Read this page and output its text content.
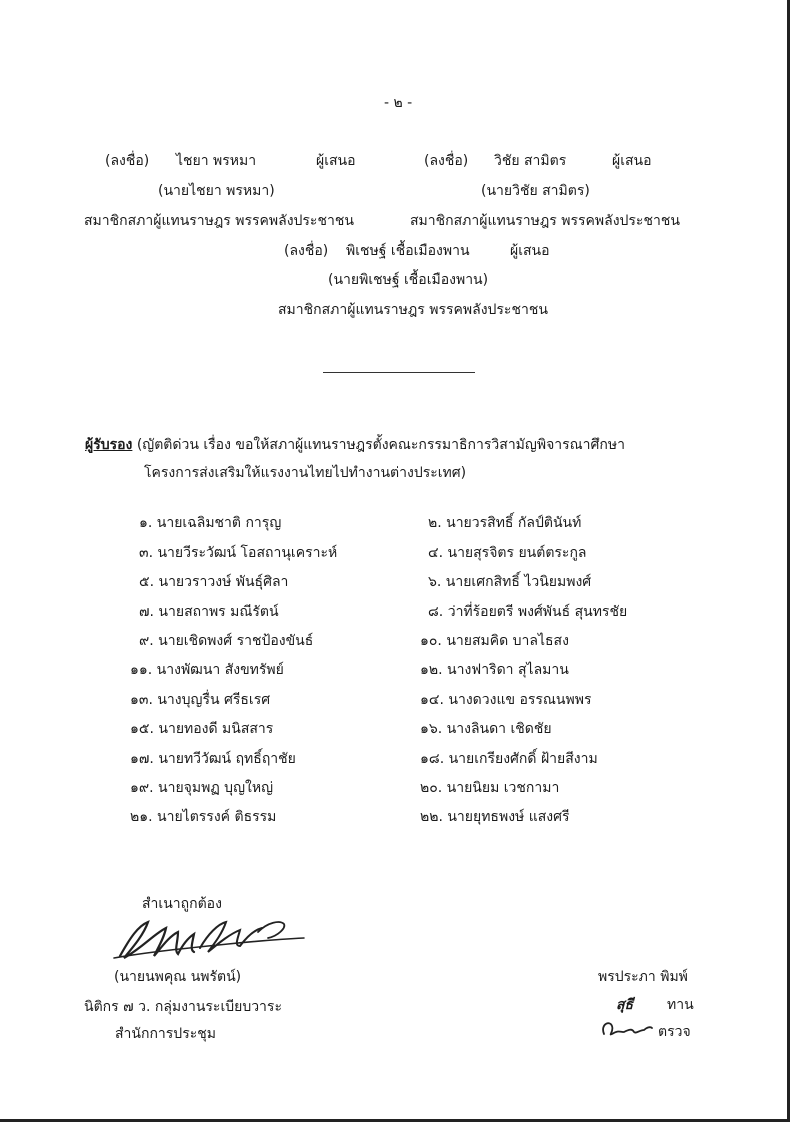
- ๒ -
(ลงชื่อ) ไชยา พรหมา	ผู้เสนอ
(นายไชยา พรหมา)
สมาชิกสภาผู้แทนราษฎร พรรคพลังประชาชน
(ลงชื่อ) วิชัย สามิตร	ผู้เสนอ
(นายวิชัย สามิตร)
สมาชิกสภาผู้แทนราษฎร พรรคพลังประชาชน
(ลงชื่อ) พิเชษฐ์ เชื้อเมืองพาน	ผู้เสนอ
(นายพิเชษฐ์ เชื้อเมืองพาน)
สมาชิกสภาผู้แทนราษฎร พรรคพลังประชาชน
ผู้รับรอง (ญัตติด่วน เรื่อง ขอให้สภาผู้แทนราษฎรตั้งคณะกรรมาธิการวิสามัญพิจารณาศึกษา
โครงการส่งเสริมให้แรงงานไทยไปทำงานต่างประเทศ)
๑. นายเฉลิมชาติ การุญ	๒. นายวรสิทธิ์ กัลป์ตินันท์
๓. นายวีระวัฒน์ โอสถานุเคราะห์	๔. นายสุรจิตร ยนต์ตระกูล
๕. นายวราวงษ์ พันธุ์ศิลา	๖. นายเศกสิทธิ์ ไวนิยมพงศ์
๗. นายสถาพร มณีรัตน์	๘. ว่าที่ร้อยตรี พงศ์พันธ์ สุนทรชัย
๙. นายเชิดพงศ์ ราชป้องขันธ์	๑๐. นายสมคิด บาลไธสง
๑๑. นางพัฒนา สังขทรัพย์	๑๒. นางฟาริดา สุไลมาน
๑๓. นางบุญรื่น ศรีธเรศ	๑๔. นางดวงแข อรรณนพพร
๑๕. นายทองดี มนิสสาร	๑๖. นางลินดา เชิดชัย
๑๗. นายทวีวัฒน์ ฤทธิ์ฤาชัย	๑๘. นายเกรียงศักดิ์ ฝ้ายสีงาม
๑๙. นายจุมพฏ บุญใหญ่	๒๐. นายนิยม เวชกามา
๒๑. นายไตรรงค์ ติธรรม	๒๒. นายยุทธพงษ์ แสงศรี
สำเนาถูกต้อง
(นายนพคุณ นพรัตน์)
นิติกร ๗ ว. กลุ่มงานระเบียบวาระ
สำนักการประชุม
พรประภา พิมพ์
สุธี ทาน
ตรวจ
